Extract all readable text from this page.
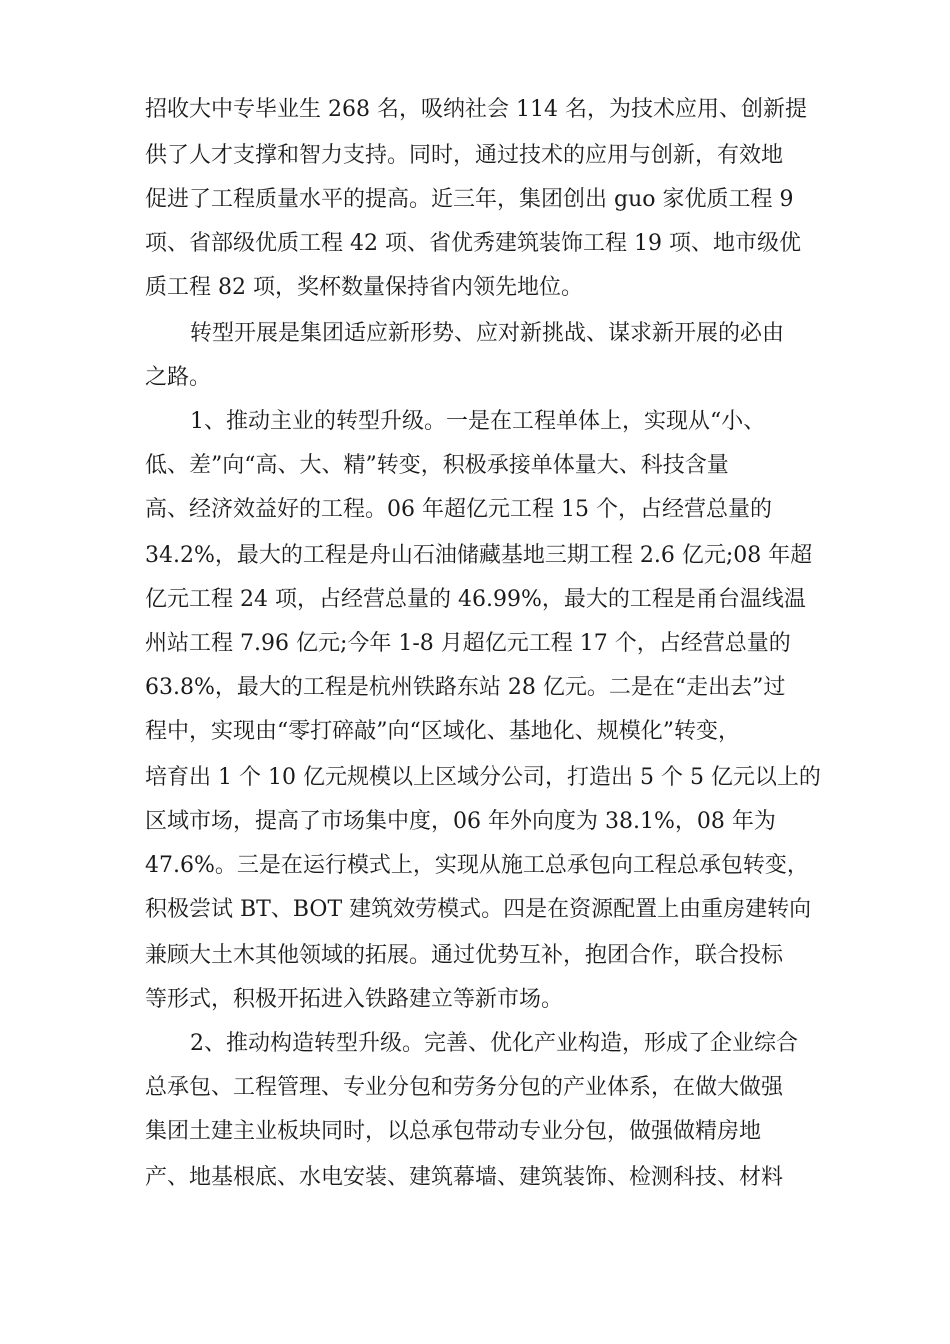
招收大中专毕业生 268 名，吸纳社会 114 名，为技术应用、创新提
供了人才支撑和智力支持。同时，通过技术的应用与创新，有效地
促进了工程质量水平的提高。近三年，集团创出 guo 家优质工程 9
项、省部级优质工程 42 项、省优秀建筑装饰工程 19 项、地市级优
质工程 82 项，奖杯数量保持省内领先地位。
转型开展是集团适应新形势、应对新挑战、谋求新开展的必由
之路。
1、推动主业的转型升级。一是在工程单体上，实现从“小、
低、差”向“高、大、精”转变，积极承接单体量大、科技含量
高、经济效益好的工程。06 年超亿元工程 15 个，占经营总量的
34.2%，最大的工程是舟山石油储藏基地三期工程 2.6 亿元;08 年超
亿元工程 24 项，占经营总量的 46.99%，最大的工程是甬台温线温
州站工程 7.96 亿元;今年 1-8 月超亿元工程 17 个，占经营总量的
63.8%，最大的工程是杭州铁路东站 28 亿元。二是在“走出去”过
程中，实现由“零打碎敲”向“区域化、基地化、规模化”转变，
培育出 1 个 10 亿元规模以上区域分公司，打造出 5 个 5 亿元以上的
区域市场，提高了市场集中度，06 年外向度为 38.1%，08 年为
47.6%。三是在运行模式上，实现从施工总承包向工程总承包转变，
积极尝试 BT、BOT 建筑效劳模式。四是在资源配置上由重房建转向
兼顾大土木其他领域的拓展。通过优势互补，抱团合作，联合投标
等形式，积极开拓进入铁路建立等新市场。
2、推动构造转型升级。完善、优化产业构造，形成了企业综合
总承包、工程管理、专业分包和劳务分包的产业体系，在做大做强
集团土建主业板块同时，以总承包带动专业分包，做强做精房地
产、地基根底、水电安装、建筑幕墙、建筑装饰、检测科技、材料
